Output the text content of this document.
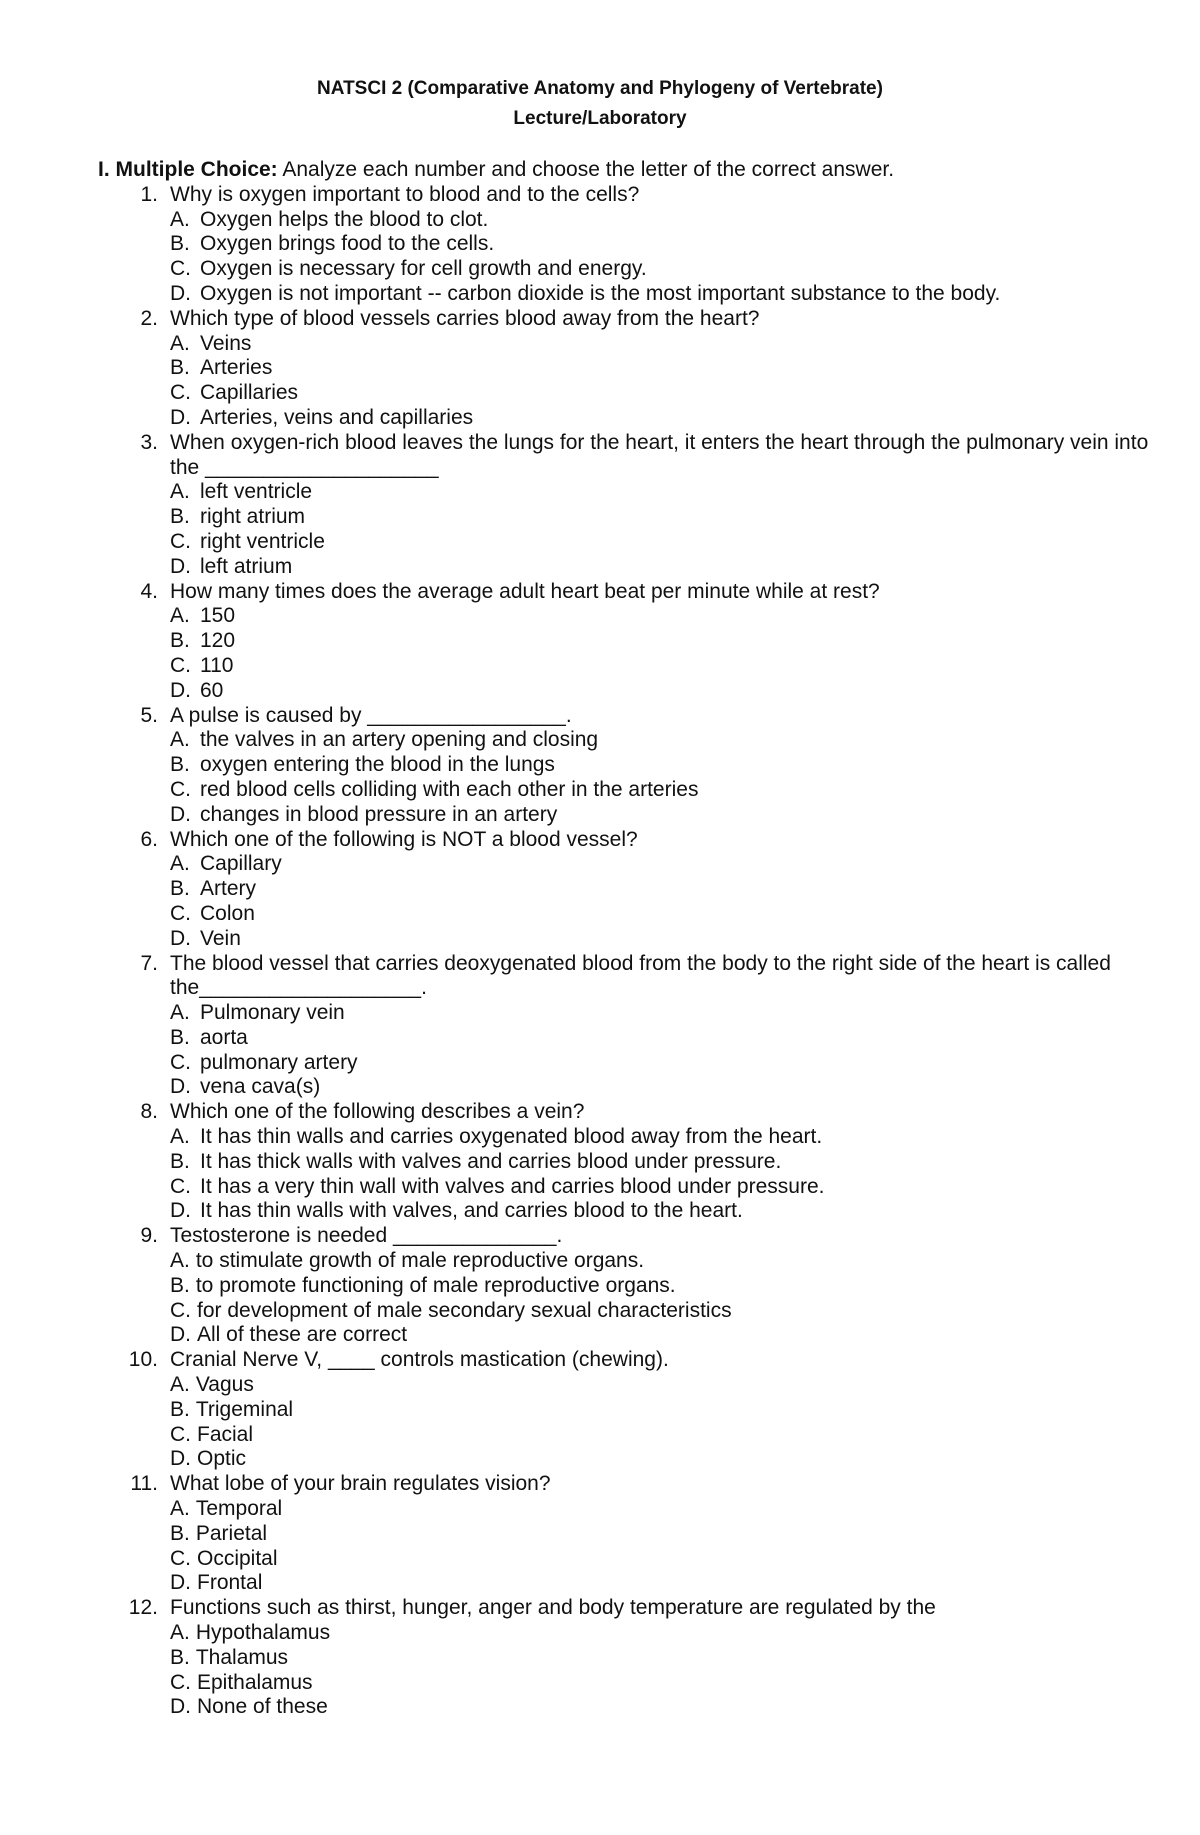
NATSCI 2 (Comparative Anatomy and Phylogeny of Vertebrate)
Lecture/Laboratory
I. Multiple Choice: Analyze each number and choose the letter of the correct answer.
1. Why is oxygen important to blood and to the cells?
A. Oxygen helps the blood to clot.
B. Oxygen brings food to the cells.
C. Oxygen is necessary for cell growth and energy.
D. Oxygen is not important -- carbon dioxide is the most important substance to the body.
2. Which type of blood vessels carries blood away from the heart?
A. Veins
B. Arteries
C. Capillaries
D. Arteries, veins and capillaries
3. When oxygen-rich blood leaves the lungs for the heart, it enters the heart through the pulmonary vein into the ____________________
A. left ventricle
B. right atrium
C. right ventricle
D. left atrium
4. How many times does the average adult heart beat per minute while at rest?
A. 150
B. 120
C. 110
D. 60
5. A pulse is caused by _________________.
A. the valves in an artery opening and closing
B. oxygen entering the blood in the lungs
C. red blood cells colliding with each other in the arteries
D. changes in blood pressure in an artery
6. Which one of the following is NOT a blood vessel?
A. Capillary
B. Artery
C. Colon
D. Vein
7. The blood vessel that carries deoxygenated blood from the body to the right side of the heart is called the___________________.
A. Pulmonary vein
B. aorta
C. pulmonary artery
D. vena cava(s)
8. Which one of the following describes a vein?
A. It has thin walls and carries oxygenated blood away from the heart.
B. It has thick walls with valves and carries blood under pressure.
C. It has a very thin wall with valves and carries blood under pressure.
D. It has thin walls with valves, and carries blood to the heart.
9. Testosterone is needed ______________.
A. to stimulate growth of male reproductive organs.
B. to promote functioning of male reproductive organs.
C. for development of male secondary sexual characteristics
D. All of these are correct
10. Cranial Nerve V, ____ controls mastication (chewing).
A. Vagus
B. Trigeminal
C. Facial
D. Optic
11. What lobe of your brain regulates vision?
A. Temporal
B. Parietal
C. Occipital
D. Frontal
12. Functions such as thirst, hunger, anger and body temperature are regulated by the
A. Hypothalamus
B. Thalamus
C. Epithalamus
D. None of these
